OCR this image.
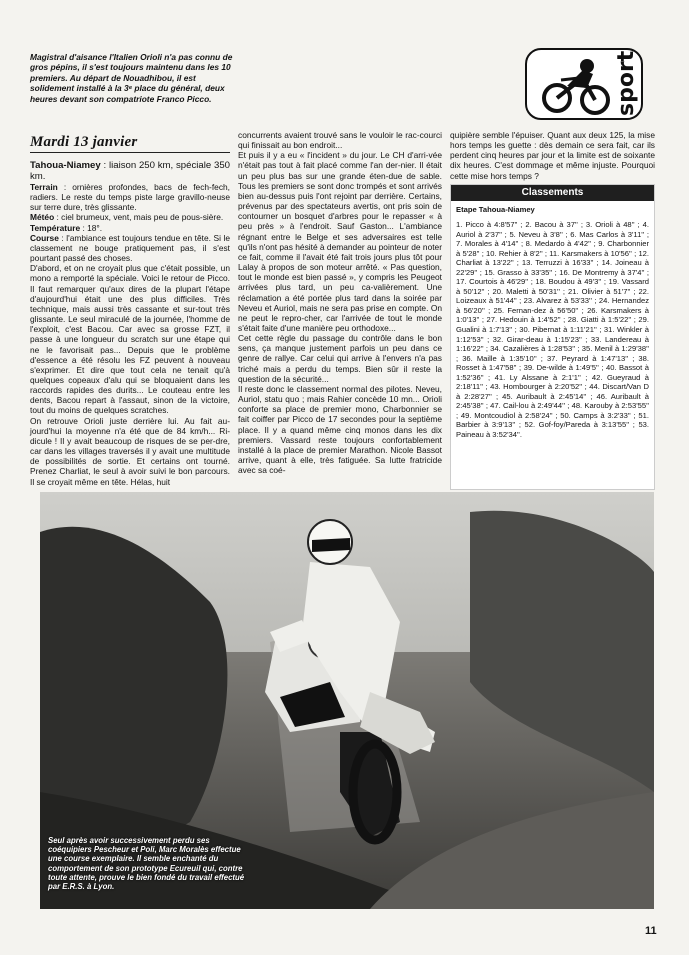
Magistral d'aisance l'Italien Orioli n'a pas connu de gros pépins, il s'est toujours maintenu dans les 10 premiers. Au départ de Nouadhibou, il est solidement installé à la 3ᵉ place du général, deux heures devant son compatriote Franco Picco.	sport
Mardi 13 janvier

Tahoua-Niamey : liaison 250 km, spéciale 350 km.

Terrain : ornières profondes, bacs de fech-fech, radiers. Le reste du temps piste large gravillo-neuse sur terre dure, très glissante.

Météo : ciel brumeux, vent, mais peu de pous-sière.

Température : 18°.

Course : l'ambiance est toujours tendue en tête. Si le classement ne bouge pratiquement pas, il s'est pourtant passé des choses.

D'abord, et on ne croyait plus que c'était possible, un mono a remporté la spéciale. Voici le retour de Picco. Il faut remarquer qu'aux dires de la plupart l'étape d'aujourd'hui était une des plus difficiles. Très technique, mais aussi très cassante et sur-tout très glissante. Le seul miraculé de la journée, l'homme de l'exploit, c'est Bacou. Car avec sa grosse FZT, il passe à une longueur du scratch sur une étape qui ne le favorisait pas... Depuis que le problème d'essence a été résolu les FZ peuvent à nouveau s'exprimer. Et dire que tout cela ne tenait qu'à quelques copeaux d'alu qui se bloquaient dans les raccords rapides des durits... Le couteau entre les dents, Bacou repart à l'assaut, sinon de la victoire, tout du moins de quelques scratches.

On retrouve Orioli juste derrière lui. Au fait au-jourd'hui la moyenne n'a été que de 84 km/h... Ri-dicule ! Il y avait beaucoup de risques de se per-dre, car dans les villages traversés il y avait une multitude de possibilités de sortie. Et certains ont tourné. Prenez Charliat, le seul à avoir suivi le bon parcours. Il se croyait même en tête. Hélas, huit

concurrents avaient trouvé sans le vouloir le rac-courci qui finissait au bon endroit...

Et puis il y a eu « l'incident » du jour. Le CH d'arri-vée n'était pas tout à fait placé comme l'an der-nier. Il était un peu plus bas sur une grande éten-due de sable. Tous les premiers se sont donc trompés et sont arrivés bien au-dessus puis l'ont rejoint par derrière. Certains, prévenus par des spectateurs avertis, ont pris soin de contourner un bosquet d'arbres pour le repasser « à peu près » à l'endroit. Sauf Gaston... L'ambiance régnant entre le Belge et ses adversaires est telle qu'ils n'ont pas hésité à demander au pointeur de noter ce fait, comme il l'avait été fait trois jours plus tôt pour Lalay à propos de son moteur arrêté. « Pas question, tout le monde est bien passé », y compris les Peugeot arrivées plus tard, un peu ca-valièrement. Une réclamation a été portée plus tard dans la soirée par Neveu et Auriol, mais ne sera pas prise en compte. On ne peut le repro-cher, car l'arrivée de tout le monde s'était faite d'une manière peu orthodoxe...

Cet cette règle du passage du contrôle dans le bon sens, ça manque justement parfois un peu dans ce genre de rallye. Car celui qui arrive à l'envers n'a pas triché mais a perdu du temps. Bien sûr il reste la question de la sécurité...

Il reste donc le classement normal des pilotes. Neveu, Auriol, statu quo ; mais Rahier concède 10 mn... Orioli conforte sa place de premier mono, Charbonnier se fait coiffer par Picco de 17 secondes pour la septième place. Il y a quand même cinq monos dans les dix premiers. Vassard reste toujours confortablement installé à la place de premier Marathon. Nicole Bassot arrive, quant à elle, très fatiguée. Sa lutte fratricide avec sa coé-

quipière semble l'épuiser. Quant aux deux 125, la mise hors temps les guette : dès demain ce sera fait, car ils perdent cinq heures par jour et la limite est de soixante dix heures. C'est dommage et même injuste. Pourquoi cette mise hors temps ?

Classements
Etape Tahoua-Niamey
1. Picco à 4:8'57" ; 2. Bacou à 37'' ; 3. Orioli à 48'' ; 4. Auriol à 2'37'' ; 5. Neveu à 3'8'' ; 6. Mas Carlos à 3'11'' ; 7. Morales à 4'14'' ; 8. Medardo à 4'42'' ; 9. Charbonnier à 5'28'' ; 10. Rehier à 8'2'' ; 11. Karsmakers à 10'56'' ; 12. Charliat à 13'22'' ; 13. Terruzzi à 16'33'' ; 14. Joineau à 22'29'' ; 15. Grasso à 33'35'' ; 16. De Montremy à 37'4'' ; 17. Courtois à 46'29'' ; 18. Boudou à 49'3'' ; 19. Vassard à 50'12'' ; 20. Maletti à 50'31'' ; 21. Olivier à 51'7'' ; 22. Loizeaux à 51'44'' ; 23. Alvarez à 53'33'' ; 24. Hernandez à 56'20'' ; 25. Fernan-dez à 56'50'' ; 26. Karsmakers à 1:0'13'' ; 27. Hedouin à 1:4'52'' ; 28. Giatti à 1:5'22'' ; 29. Gualini à 1:7'13'' ; 30. Pibernat à 1:11'21'' ; 31. Winkler à 1:12'53'' ; 32. Girar-deau à 1:15'23'' ; 33. Landereau à 1:16'22'' ; 34. Cazalières à 1:28'53'' ; 35. Menil à 1:29'38'' ; 36. Maille à 1:35'10'' ; 37. Peyrard à 1:47'13'' ; 38. Rosset à 1:47'58'' ; 39. De-wilde à 1:49'5'' ; 40. Bassot à 1:52'36'' ; 41. Ly Alssane à 2:1'1'' ; 42. Gueyraud à 2:18'11'' ; 43. Hombourger à 2:20'52'' ; 44. Discart/Van D à 2:28'27'' ; 45. Auribault à 2:45'14'' ; 46. Auribault à 2:45'38'' ; 47. Cail-lou à 2:49'44'' ; 48. Karouby à 2:53'55'' ; 49. Montcoudiol à 2:58'24'' ; 50. Camps à 3:2'33'' ; 51. Barbier à 3:9'13'' ; 52. Gof-foy/Pareda à 3:13'55'' ; 53. Paineau à 3:52'34''.
Seul après avoir successivement perdu ses coéquipiers Pescheur et Poli, Marc Moralès effectue une course exemplaire. Il semble enchanté du comportement de son prototype Ecureuil qui, contre toute attente, prouve le bien fondé du travail effectué par E.R.S. à Lyon.
11
